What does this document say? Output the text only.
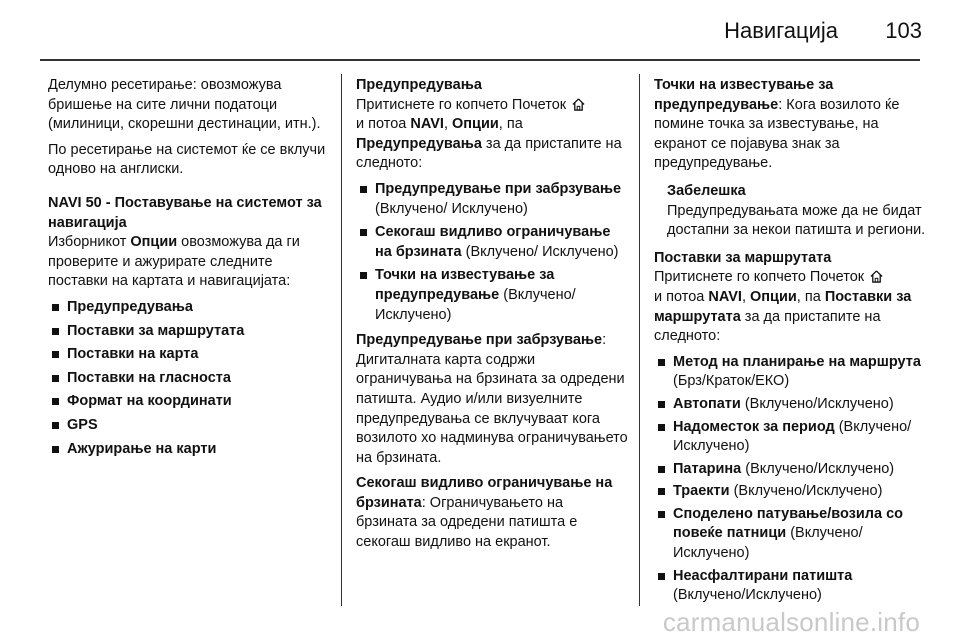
Навигација 103

Делумно ресетирање: овозможува бришење на сите лични податоци (милиници, скорешни дестинации, итн.).

По ресетирање на системот ќе се вклучи одново на англиски.

NAVI 50 - Поставување на системот за навигација

Изборникот Опции овозможува да ги проверите и ажурирате следните поставки на картата и навигацијата:

Предупредувања
Поставки за маршрутата
Поставки на карта
Поставки на гласноста
Формат на координати
GPS
Ажурирање на карти

Предупредувања

Притиснете го копчето Почеток
и потоа NAVI, Опции, па
Предупредувања за да пристапите на следното:

Предупредување при забрзување (Вклучено/ Исклучено)
Секогаш видливо ограничување на брзината (Вклучено/ Исклучено)
Точки на известување за предупредување (Вклучено/ Исклучено)

Предупредување при забрзување: Дигиталната карта содржи ограничувања на брзината за одредени патишта. Аудио и/или визуелните предупредувања се вклучуваат кога возилото хо надминува ограничувањето на брзината.

Секогаш видливо ограничување на брзината: Ограничувањето на брзината за одредени патишта е секогаш видливо на екранот.

Точки на известување за предупредување: Кога возилото ќе помине точка за известување, на екранот се појавува знак за предупредување.

Забелешка
Предупредувањата може да не бидат достапни за некои патишта и региони.

Поставки за маршрутата

Притиснете го копчето Почеток
и потоа NAVI, Опции, па Поставки за маршрутата за да пристапите на следното:

Метод на планирање на маршрута (Брз/Краток/ЕКО)
Автопати (Вклучено/Исклучено)
Надоместок за период (Вклучено/ Исклучено)
Патарина (Вклучено/Исклучено)
Траекти (Вклучено/Исклучено)
Споделено патување/возила со повеќе патници (Вклучено/ Исклучено)
Неасфалтирани патишта (Вклучено/Исклучено)
carmanualsonline.info
